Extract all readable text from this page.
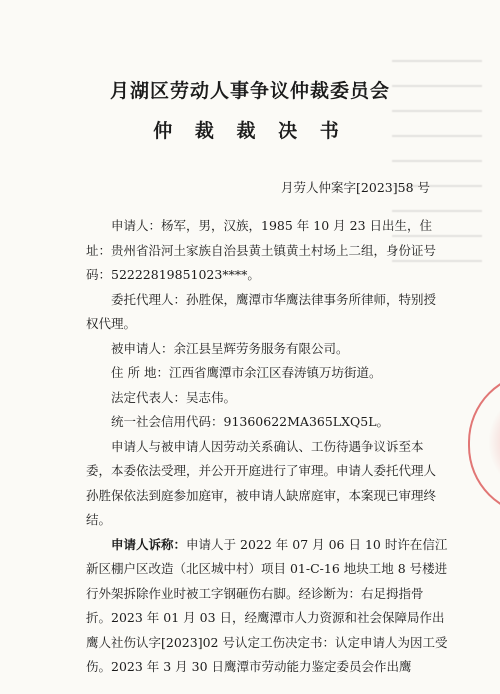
月湖区劳动人事争议仲裁委员会
仲 裁 裁 决 书
月劳人仲案字[2023]58 号

申请人：杨军，男，汉族，1985 年 10 月 23 日出生，住址：贵州省沿河土家族自治县黄土镇黄土村场上二组，身份证号码：52222819851023****。

委托代理人：孙胜保，鹰潭市华鹰法律事务所律师，特别授权代理。

被申请人：余江县呈辉劳务服务有限公司。

住 所 地：江西省鹰潭市余江区春涛镇万坊街道。

法定代表人：吴志伟。

统一社会信用代码：91360622MA365LXQ5L。

申请人与被申请人因劳动关系确认、工伤待遇争议诉至本委，本委依法受理，并公开开庭进行了审理。申请人委托代理人孙胜保依法到庭参加庭审，被申请人缺席庭审，本案现已审理终结。

申请人诉称：申请人于 2022 年 07 月 06 日 10 时许在信江新区棚户区改造（北区城中村）项目 01-C-16 地块工地 8 号楼进行外架拆除作业时被工字钢砸伤右脚。经诊断为：右足拇指骨折。2023 年 01 月 03 日，经鹰潭市人力资源和社会保障局作出鹰人社伤认字[2023]02 号认定工伤决定书：认定申请人为因工受伤。2023 年 3 月 30 日鹰潭市劳动能力鉴定委员会作出鹰
